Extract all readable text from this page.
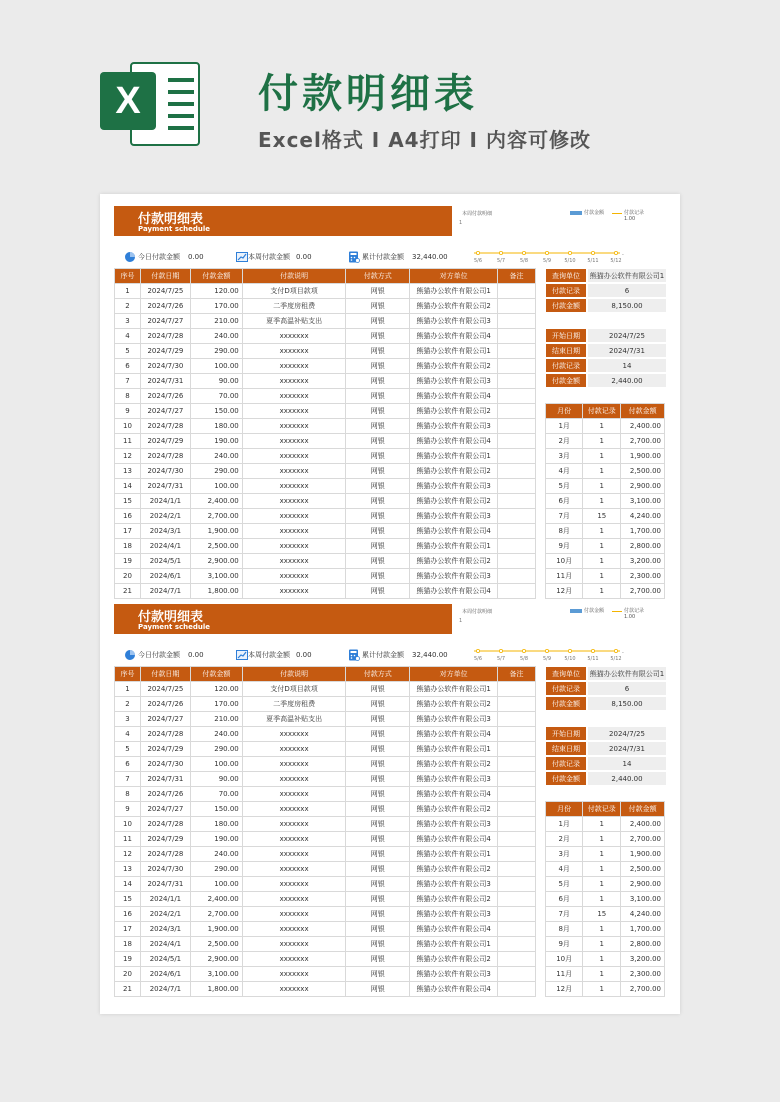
X	付款明细表
Excel格式 I A4打印 I 内容可修改
付款明细表
Payment schedule
5/6	5/7	5/8	5/9	5/10 5/11 5/12
本周付款明细	付款金额	付款记录
1.00
1
-
今日付款金额 0.00	本周付款金额 0.00	累计付款金额 32,440.00
序号	付款日期	付款金额	付款说明	付款方式	对方单位	备注
1	2024/7/25	120.00	支付D项目款项	网银	熊猫办公软件有限公司1	
2	2024/7/26	170.00	二季度房租费	网银	熊猫办公软件有限公司2	
3	2024/7/27	210.00	夏季高温补贴支出	网银	熊猫办公软件有限公司3	
4	2024/7/28	240.00	xxxxxxx	网银	熊猫办公软件有限公司4	
5	2024/7/29	290.00	xxxxxxx	网银	熊猫办公软件有限公司1	
6	2024/7/30	100.00	xxxxxxx	网银	熊猫办公软件有限公司2	
7	2024/7/31	90.00	xxxxxxx	网银	熊猫办公软件有限公司3	
8	2024/7/26	70.00	xxxxxxx	网银	熊猫办公软件有限公司4	
9	2024/7/27	150.00	xxxxxxx	网银	熊猫办公软件有限公司2	
10	2024/7/28	180.00	xxxxxxx	网银	熊猫办公软件有限公司3	
11	2024/7/29	190.00	xxxxxxx	网银	熊猫办公软件有限公司4	
12	2024/7/28	240.00	xxxxxxx	网银	熊猫办公软件有限公司1	
13	2024/7/30	290.00	xxxxxxx	网银	熊猫办公软件有限公司2	
14	2024/7/31	100.00	xxxxxxx	网银	熊猫办公软件有限公司3	
15	2024/1/1	2,400.00	xxxxxxx	网银	熊猫办公软件有限公司2	
16	2024/2/1	2,700.00	xxxxxxx	网银	熊猫办公软件有限公司3	
17	2024/3/1	1,900.00	xxxxxxx	网银	熊猫办公软件有限公司4	
18	2024/4/1	2,500.00	xxxxxxx	网银	熊猫办公软件有限公司1	
19	2024/5/1	2,900.00	xxxxxxx	网银	熊猫办公软件有限公司2	
20	2024/6/1	3,100.00	xxxxxxx	网银	熊猫办公软件有限公司3	
21	2024/7/1	1,800.00	xxxxxxx	网银	熊猫办公软件有限公司4	
查询单位	熊猫办公软件有限公司1
付款记录	6
付款金额	8,150.00
开始日期	2024/7/25
结束日期	2024/7/31
付款记录	14
付款金额	2,440.00
月份	付款记录	付款金额
1月	1	2,400.00
2月	1	2,700.00
3月	1	1,900.00
4月	1	2,500.00
5月	1	2,900.00
6月	1	3,100.00
7月	15	4,240.00
8月	1	1,700.00
9月	1	2,800.00
10月	1	3,200.00
11月	1	2,300.00
12月	1	2,700.00
付款明细表
Payment schedule
5/6	5/7	5/8	5/9	5/10 5/11 5/12
本周付款明细	付款金额	付款记录
1.00
1
-
今日付款金额 0.00	本周付款金额 0.00	累计付款金额 32,440.00
序号	付款日期	付款金额	付款说明	付款方式	对方单位	备注
1	2024/7/25	120.00	支付D项目款项	网银	熊猫办公软件有限公司1	
2	2024/7/26	170.00	二季度房租费	网银	熊猫办公软件有限公司2	
3	2024/7/27	210.00	夏季高温补贴支出	网银	熊猫办公软件有限公司3	
4	2024/7/28	240.00	xxxxxxx	网银	熊猫办公软件有限公司4	
5	2024/7/29	290.00	xxxxxxx	网银	熊猫办公软件有限公司1	
6	2024/7/30	100.00	xxxxxxx	网银	熊猫办公软件有限公司2	
7	2024/7/31	90.00	xxxxxxx	网银	熊猫办公软件有限公司3	
8	2024/7/26	70.00	xxxxxxx	网银	熊猫办公软件有限公司4	
9	2024/7/27	150.00	xxxxxxx	网银	熊猫办公软件有限公司2	
10	2024/7/28	180.00	xxxxxxx	网银	熊猫办公软件有限公司3	
11	2024/7/29	190.00	xxxxxxx	网银	熊猫办公软件有限公司4	
12	2024/7/28	240.00	xxxxxxx	网银	熊猫办公软件有限公司1	
13	2024/7/30	290.00	xxxxxxx	网银	熊猫办公软件有限公司2	
14	2024/7/31	100.00	xxxxxxx	网银	熊猫办公软件有限公司3	
15	2024/1/1	2,400.00	xxxxxxx	网银	熊猫办公软件有限公司2	
16	2024/2/1	2,700.00	xxxxxxx	网银	熊猫办公软件有限公司3	
17	2024/3/1	1,900.00	xxxxxxx	网银	熊猫办公软件有限公司4	
18	2024/4/1	2,500.00	xxxxxxx	网银	熊猫办公软件有限公司1	
19	2024/5/1	2,900.00	xxxxxxx	网银	熊猫办公软件有限公司2	
20	2024/6/1	3,100.00	xxxxxxx	网银	熊猫办公软件有限公司3	
21	2024/7/1	1,800.00	xxxxxxx	网银	熊猫办公软件有限公司4	
查询单位	熊猫办公软件有限公司1
付款记录	6
付款金额	8,150.00
开始日期	2024/7/25
结束日期	2024/7/31
付款记录	14
付款金额	2,440.00
月份	付款记录	付款金额
1月	1	2,400.00
2月	1	2,700.00
3月	1	1,900.00
4月	1	2,500.00
5月	1	2,900.00
6月	1	3,100.00
7月	15	4,240.00
8月	1	1,700.00
9月	1	2,800.00
10月	1	3,200.00
11月	1	2,300.00
12月	1	2,700.00
